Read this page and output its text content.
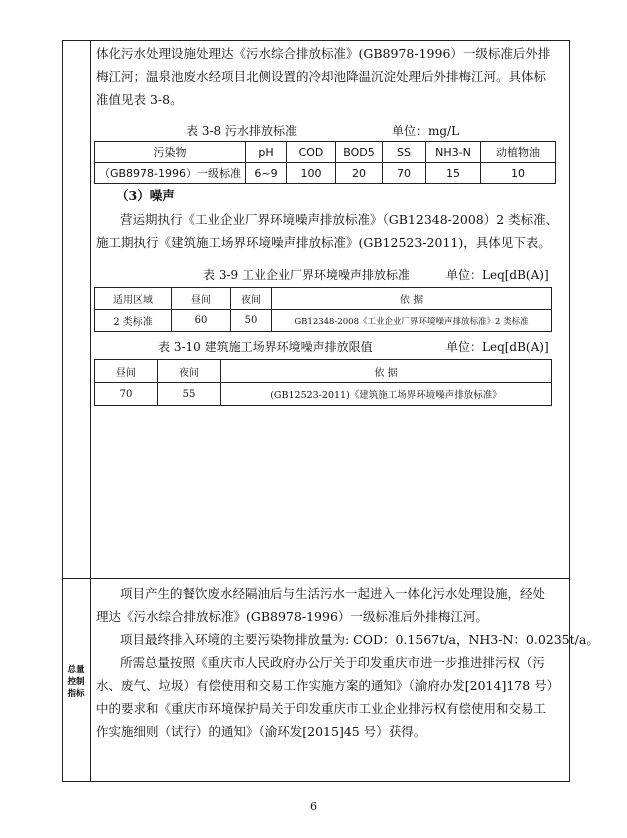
总量
控制
指标
体化污水处理设施处理达《污水综合排放标准》(GB8978-1996）一级标准后外排
梅江河；温泉池废水经项目北侧设置的冷却池降温沉淀处理后外排梅江河。具体标
准值见表 3-8。
表 3-8 污水排放标准	单位：mg/L
污染物	pH	COD	BOD5	SS	NH3-N	动植物油
（GB8978-1996）一级标准	6~9	100	20	70	15	10
（3）噪声
营运期执行《工业企业厂界环境噪声排放标准》（GB12348-2008）2 类标准、
施工期执行《建筑施工场界环境噪声排放标准》(GB12523-2011)，具体见下表。
表 3-9 工业企业厂界环境噪声排放标准	单位：Leq[dB(A)]
适用区域	昼间	夜间	依 据
2 类标准	60	50	GB12348-2008《工业企业厂界环境噪声排放标准》2 类标准
表 3-10 建筑施工场界环境噪声排放限值	单位：Leq[dB(A)]
昼间	夜间	依 据
70	55	(GB12523-2011)《建筑施工场界环境噪声排放标准》
项目产生的餐饮废水经隔油后与生活污水一起进入一体化污水处理设施，经处
理达《污水综合排放标准》(GB8978-1996）一级标准后外排梅江河。
项目最终排入环境的主要污染物排放量为: COD：0.1567t/a，NH3-N：0.0235t/a。
所需总量按照《重庆市人民政府办公厅关于印发重庆市进一步推进排污权（污
水、废气、垃圾）有偿使用和交易工作实施方案的通知》（渝府办发[2014]178 号）
中的要求和《重庆市环境保护局关于印发重庆市工业企业排污权有偿使用和交易工
作实施细则（试行）的通知》（渝环发[2015]45 号）获得。
6
